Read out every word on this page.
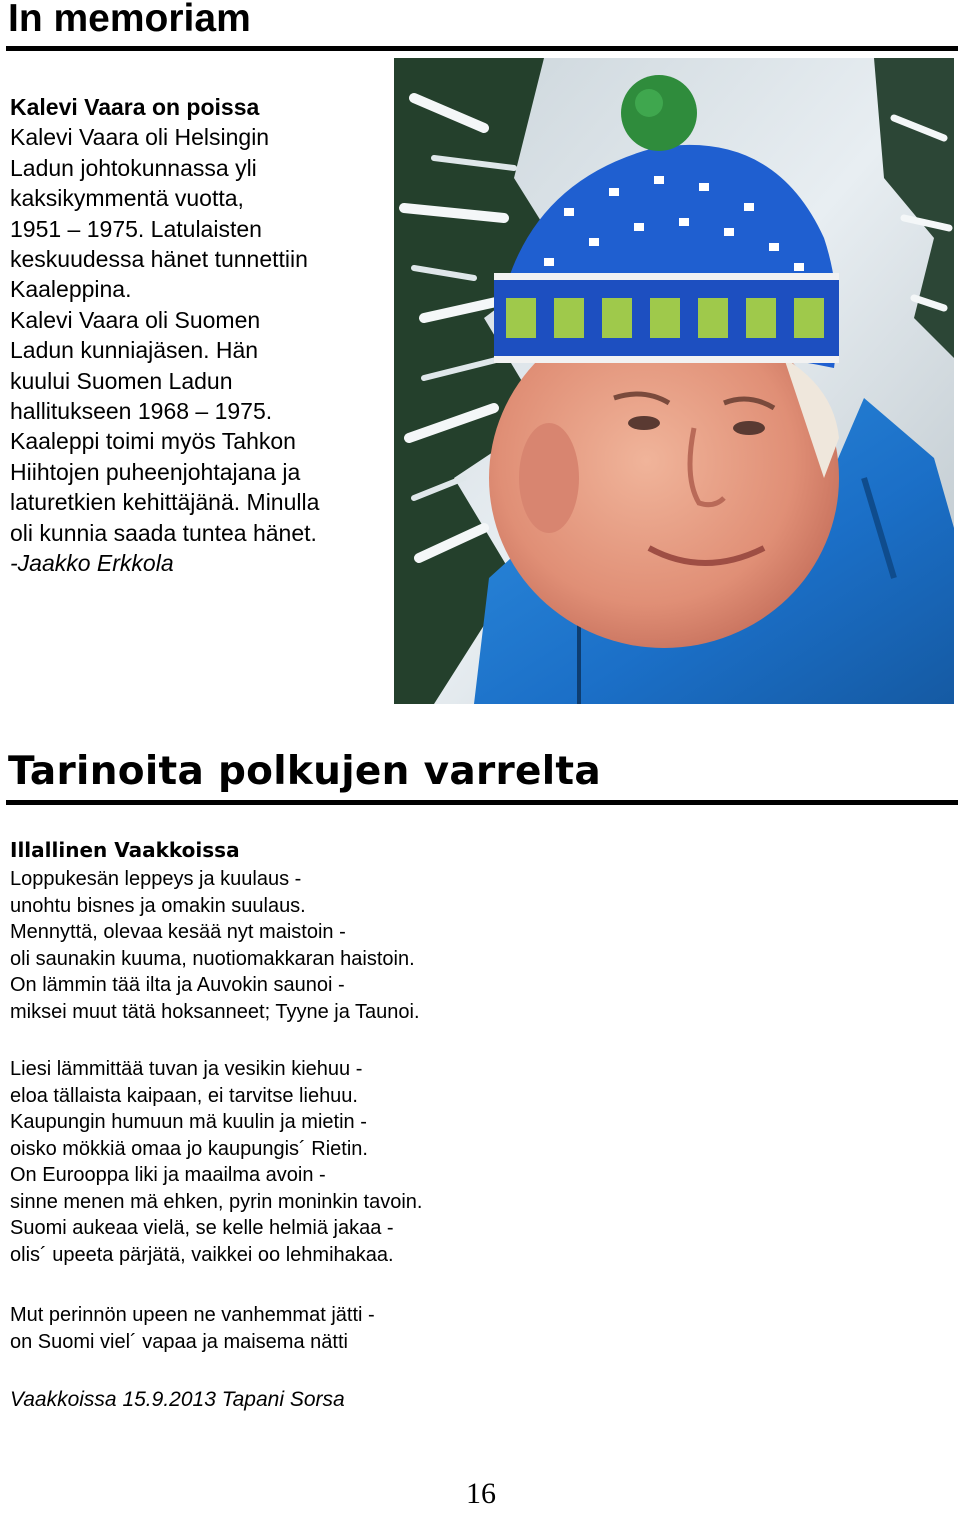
In memoriam
Kalevi Vaara on poissa
Kalevi Vaara oli Helsingin
Ladun johtokunnassa yli
kaksikymmentä vuotta,
1951 – 1975. Latulaisten
keskuudessa hänet tunnettiin
Kaaleppina.
Kalevi Vaara oli Suomen
Ladun kunniajäsen. Hän
kuului Suomen Ladun
hallitukseen 1968 – 1975.
Kaaleppi toimi myös Tahkon
Hiihtojen puheenjohtajana ja
laturetkien kehittäjänä. Minulla
oli kunnia saada tuntea hänet.
-Jaakko Erkkola
Tarinoita polkujen varrelta
Illallinen Vaakkoissa
Loppukesän leppeys ja kuulaus -
unohtu bisnes ja omakin suulaus.
Mennyttä, olevaa kesää nyt maistoin -
oli saunakin kuuma, nuotiomakkaran haistoin.
On lämmin tää ilta ja Auvokin saunoi -
miksei muut tätä hoksanneet; Tyyne ja Taunoi.
Liesi lämmittää tuvan ja vesikin kiehuu -
eloa tällaista kaipaan, ei tarvitse liehuu.
Kaupungin humuun mä kuulin ja mietin -
oisko mökkiä omaa jo kaupungis´ Rietin.
On Eurooppa liki ja maailma avoin -
sinne menen mä ehken, pyrin moninkin tavoin.
Suomi aukeaa vielä, se kelle helmiä jakaa -
olis´ upeeta pärjätä, vaikkei oo lehmihakaa.
Mut perinnön upeen ne vanhemmat jätti -
on Suomi viel´ vapaa ja maisema nätti
Vaakkoissa 15.9.2013 Tapani Sorsa
16
